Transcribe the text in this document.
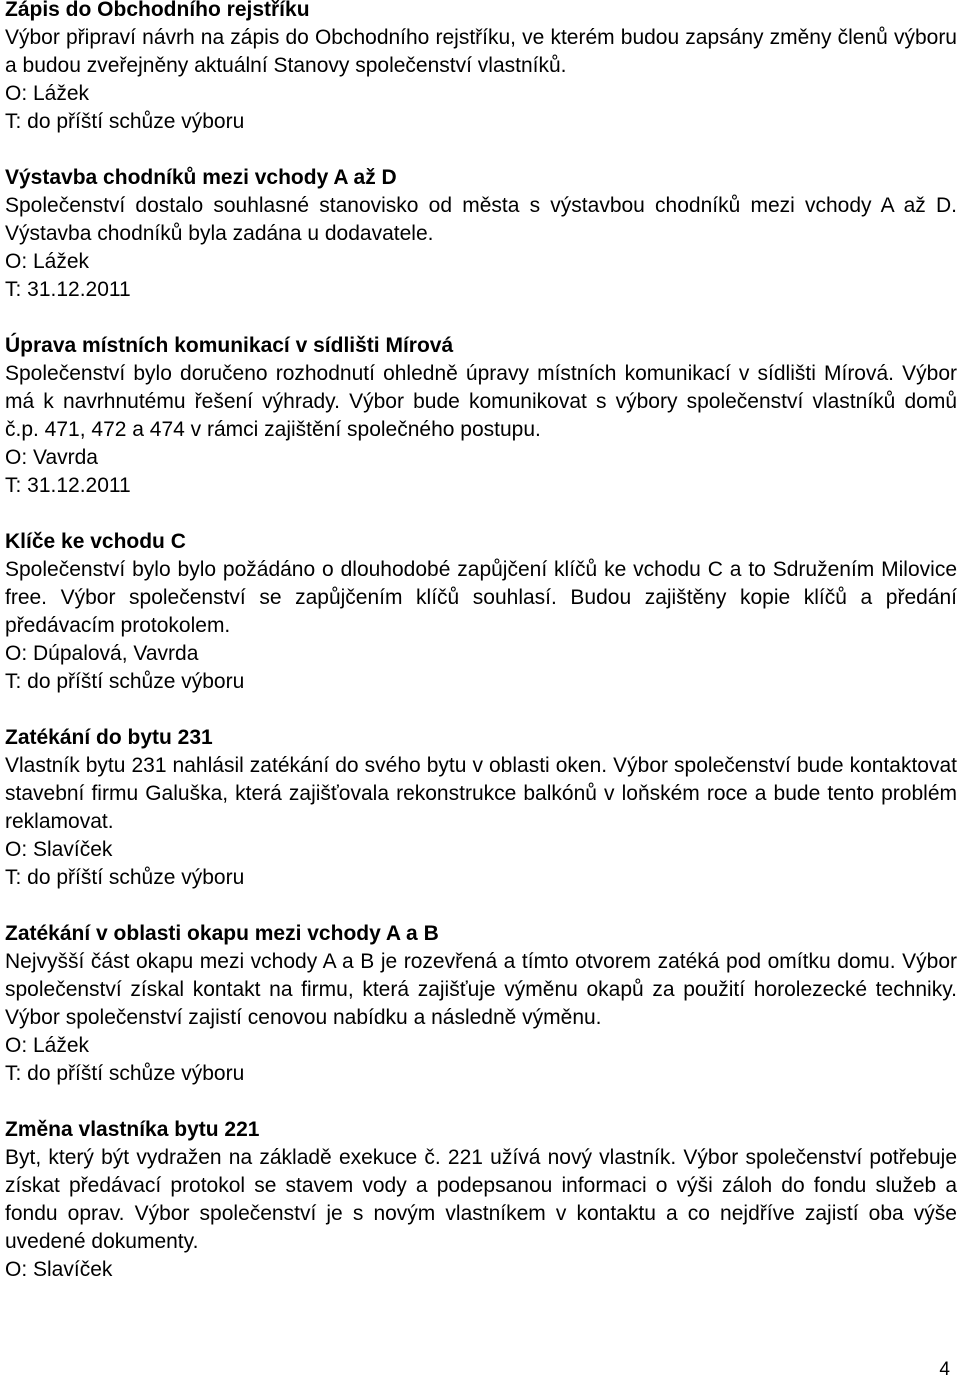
Zápis do Obchodního rejstříku

Výbor připraví návrh na zápis do Obchodního rejstříku, ve kterém budou zapsány změny členů výboru a budou zveřejněny aktuální Stanovy společenství vlastníků.

O: Lážek

T: do příští schůze výboru

Výstavba chodníků mezi vchody A až D

Společenství dostalo souhlasné stanovisko od města s výstavbou chodníků mezi vchody A až D. Výstavba chodníků byla zadána u dodavatele.

O: Lážek

T: 31.12.2011

Úprava místních komunikací v sídlišti Mírová

Společenství bylo doručeno rozhodnutí ohledně úpravy místních komunikací v sídlišti Mírová. Výbor má k navrhnutému řešení výhrady. Výbor bude komunikovat s výbory společenství vlastníků domů č.p. 471, 472 a 474 v rámci zajištění společného postupu.

O: Vavrda

T: 31.12.2011

Klíče ke vchodu C

Společenství bylo bylo požádáno o dlouhodobé zapůjčení klíčů ke vchodu C a to Sdružením Milovice free. Výbor společenství se zapůjčením klíčů souhlasí. Budou zajištěny kopie klíčů a předání předávacím protokolem.

O: Dúpalová, Vavrda

T: do příští schůze výboru

Zatékání do bytu 231

Vlastník bytu 231 nahlásil zatékání do svého bytu v oblasti oken. Výbor společenství bude kontaktovat stavební firmu Galuška, která zajišťovala rekonstrukce balkónů v loňském roce a bude tento problém reklamovat.

O: Slavíček

T: do příští schůze výboru

Zatékání v oblasti okapu mezi vchody A a B

Nejvyšší část okapu mezi vchody A a B je rozevřená a tímto otvorem zatéká pod omítku domu. Výbor společenství získal kontakt na firmu, která zajišťuje výměnu okapů za použití horolezecké techniky. Výbor společenství zajistí cenovou nabídku a následně výměnu.

O: Lážek

T: do příští schůze výboru

Změna vlastníka bytu 221

Byt, který být vydražen na základě exekuce č. 221 užívá nový vlastník. Výbor společenství potřebuje získat předávací protokol se stavem vody a podepsanou informaci o výši záloh do fondu služeb a fondu oprav. Výbor společenství je s novým vlastníkem v kontaktu a co nejdříve zajistí oba výše uvedené dokumenty.

O: Slavíček

4
